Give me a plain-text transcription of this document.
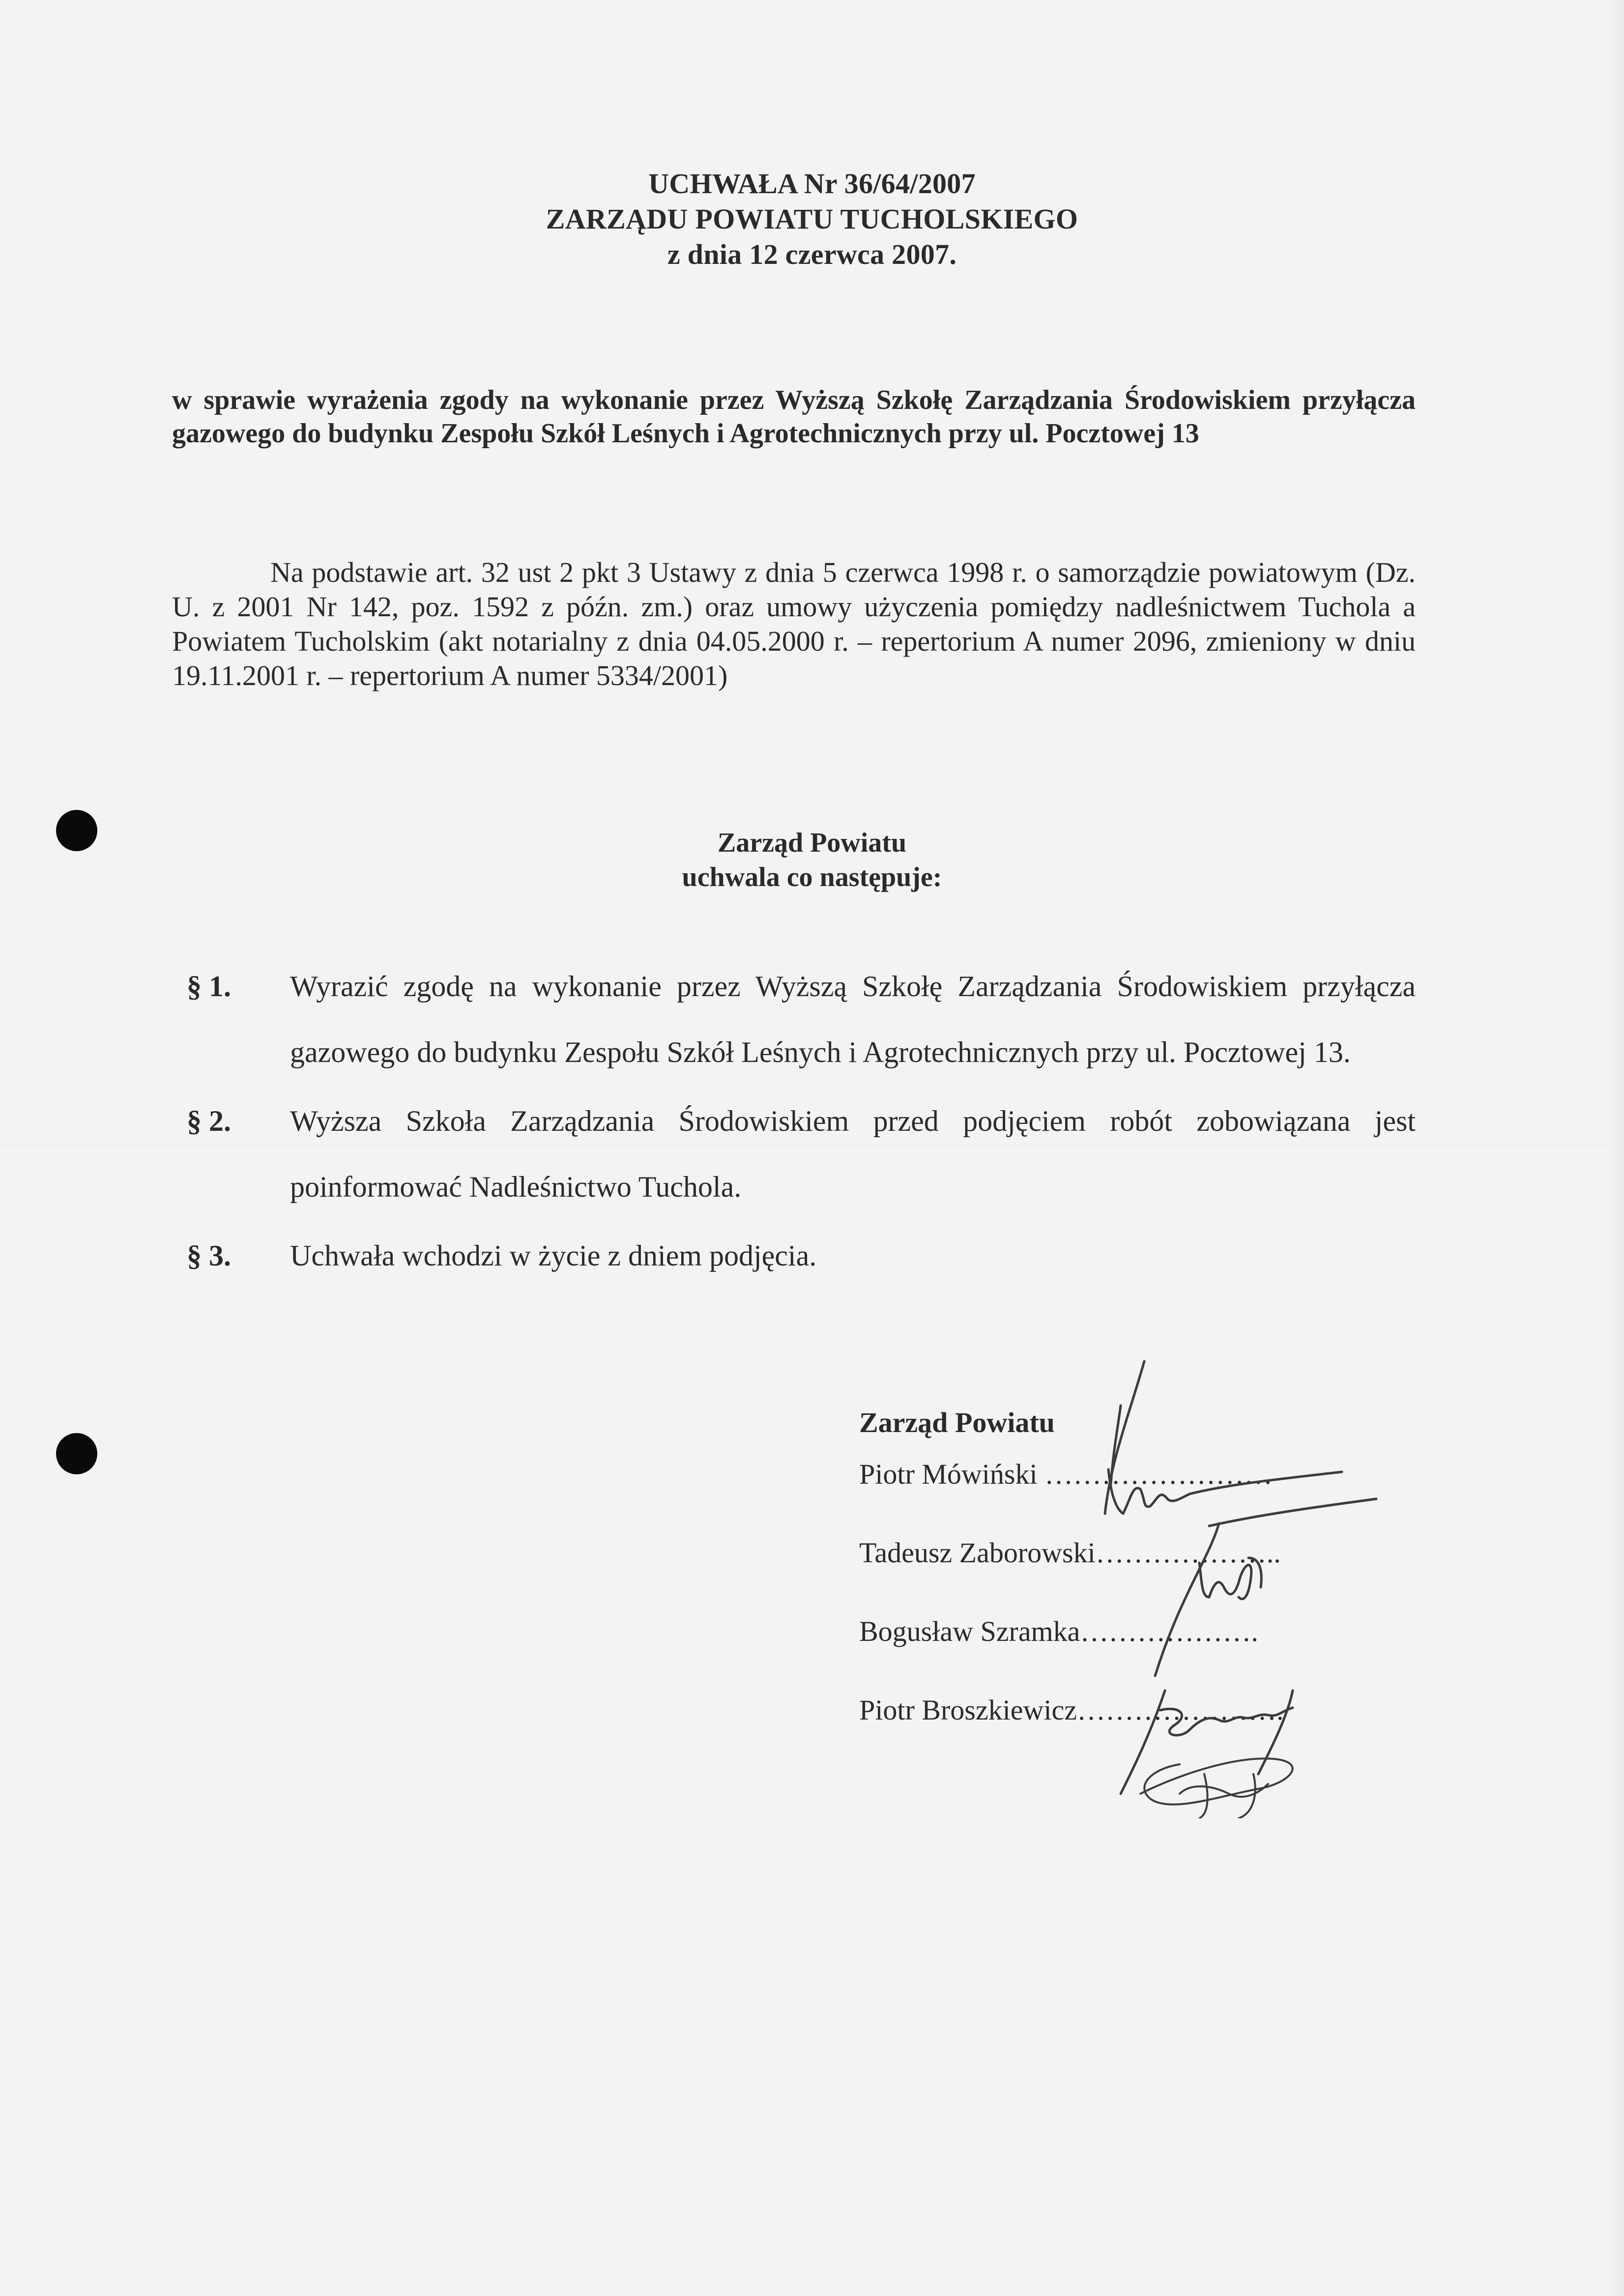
UCHWAŁA Nr 36/64/2007
ZARZĄDU POWIATU TUCHOLSKIEGO
z dnia 12 czerwca 2007.
w sprawie wyrażenia zgody na wykonanie przez Wyższą Szkołę Zarządzania Środowiskiem przyłącza gazowego do budynku Zespołu Szkół Leśnych i Agrotechnicznych przy ul. Pocztowej 13
Na podstawie art. 32 ust 2 pkt 3 Ustawy z dnia 5 czerwca 1998 r. o samorządzie powiatowym (Dz. U. z 2001 Nr 142, poz. 1592 z późn. zm.) oraz umowy użyczenia pomiędzy nadleśnictwem Tuchola a Powiatem Tucholskim (akt notarialny z dnia 04.05.2000 r. – repertorium A numer 2096, zmieniony w dniu 19.11.2001 r. – repertorium A numer 5334/2001)
Zarząd Powiatu
uchwala co następuje:
§ 1.	Wyrazić zgodę na wykonanie przez Wyższą Szkołę Zarządzania Środowiskiem przyłącza gazowego do budynku Zespołu Szkół Leśnych i Agrotechnicznych przy ul. Pocztowej 13.
§ 2.	Wyższa Szkoła Zarządzania Środowiskiem przed podjęciem robót zobowiązana jest poinformować Nadleśnictwo Tuchola.
§ 3.	Uchwała wchodzi w życie z dniem podjęcia.
Zarząd Powiatu
Piotr Mówiński ……………………
Tadeusz Zaborowski………………..
Bogusław Szramka……………….
Piotr Broszkiewicz………………….
